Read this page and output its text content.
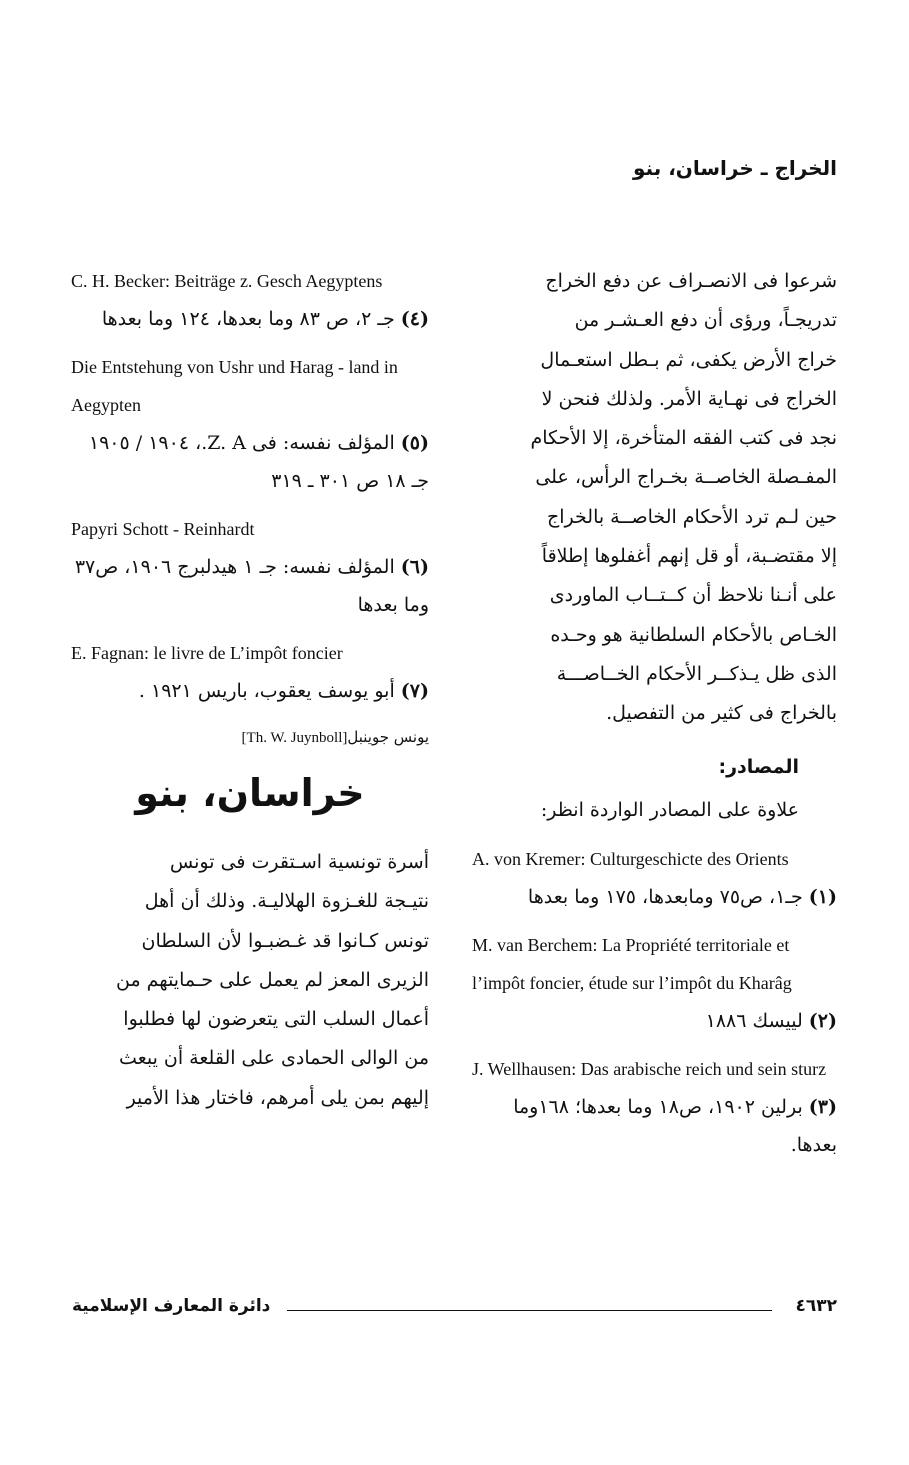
الخراج ـ خراسان، بنو

شرعوا فى الانصـراف عن دفع الخراج

تدريجـاً، ورؤى أن دفع العـشـر من

خراج الأرض يكفى، ثم بـطل استعـمال

الخراج فى نهـاية الأمر. ولذلك فنحن لا

نجد فى كتب الفقه المتأخرة، إلا الأحكام

المفـصلة الخاصــة بخـراج الرأس، على

حين لـم ترد الأحكام الخاصــة بالخراج

إلا مقتضـبة، أو قل إنهم أغفلوها إطلاقاً

على أنـنا نلاحظ أن كــتــاب الماوردى

الخـاص بالأحكام السلطانية هو وحـده

الذى ظل يـذكــر الأحكام الخــاصـــة

بالخراج فى كثير من التفصيل.

المصادر:
علاوة على المصادر الواردة انظر:
A. von Kremer: Culturgeschicte des Orients
(١) جـ١، ص٧٥ ومابعدها، ١٧٥ وما بعدها
M. van Berchem: La Propriété territoriale et l’impôt foncier, étude sur l’impôt du Kharâg
(٢) لييسك ١٨٨٦
J. Wellhausen: Das arabische reich und sein sturz
(٣) برلين ١٩٠٢، ص١٨ وما بعدها؛ ١٦٨وما بعدها.
C. H. Becker: Beiträge z. Gesch Aegyptens
(٤) جـ ٢، ص ٨٣ وما بعدها، ١٢٤ وما بعدها
Die Entstehung von Ushr und Harag - land in Aegypten
(٥) المؤلف نفسه: فى Z. A.، ١٩٠٤ / ١٩٠٥ جـ ١٨ ص ٣٠١ ـ ٣١٩
Papyri Schott - Reinhardt
(٦) المؤلف نفسه: جـ ١ هيدلبرج ١٩٠٦، ص٣٧ وما بعدها
E. Fagnan: le livre de L’impôt foncier
(٧) أبو يوسف يعقوب، باريس ١٩٢١ .
يونس جوينبل[Th. W. Juynboll]
خراسان، بنو

أسرة تونسية اسـتقرت فى تونس

نتيـجة للغـزوة الهلاليـة. وذلك أن أهل

تونس كـانوا قد غـضبـوا لأن السلطان

الزيرى المعز لم يعمل على حـمايتهم من

أعمال السلب التى يتعرضون لها فطلبوا

من الوالى الحمادى على القلعة أن يبعث

إليهم بمن يلى أمرهم، فاختار هذا الأمير

دائرة المعارف الإسلامية	٤٦٣٢
